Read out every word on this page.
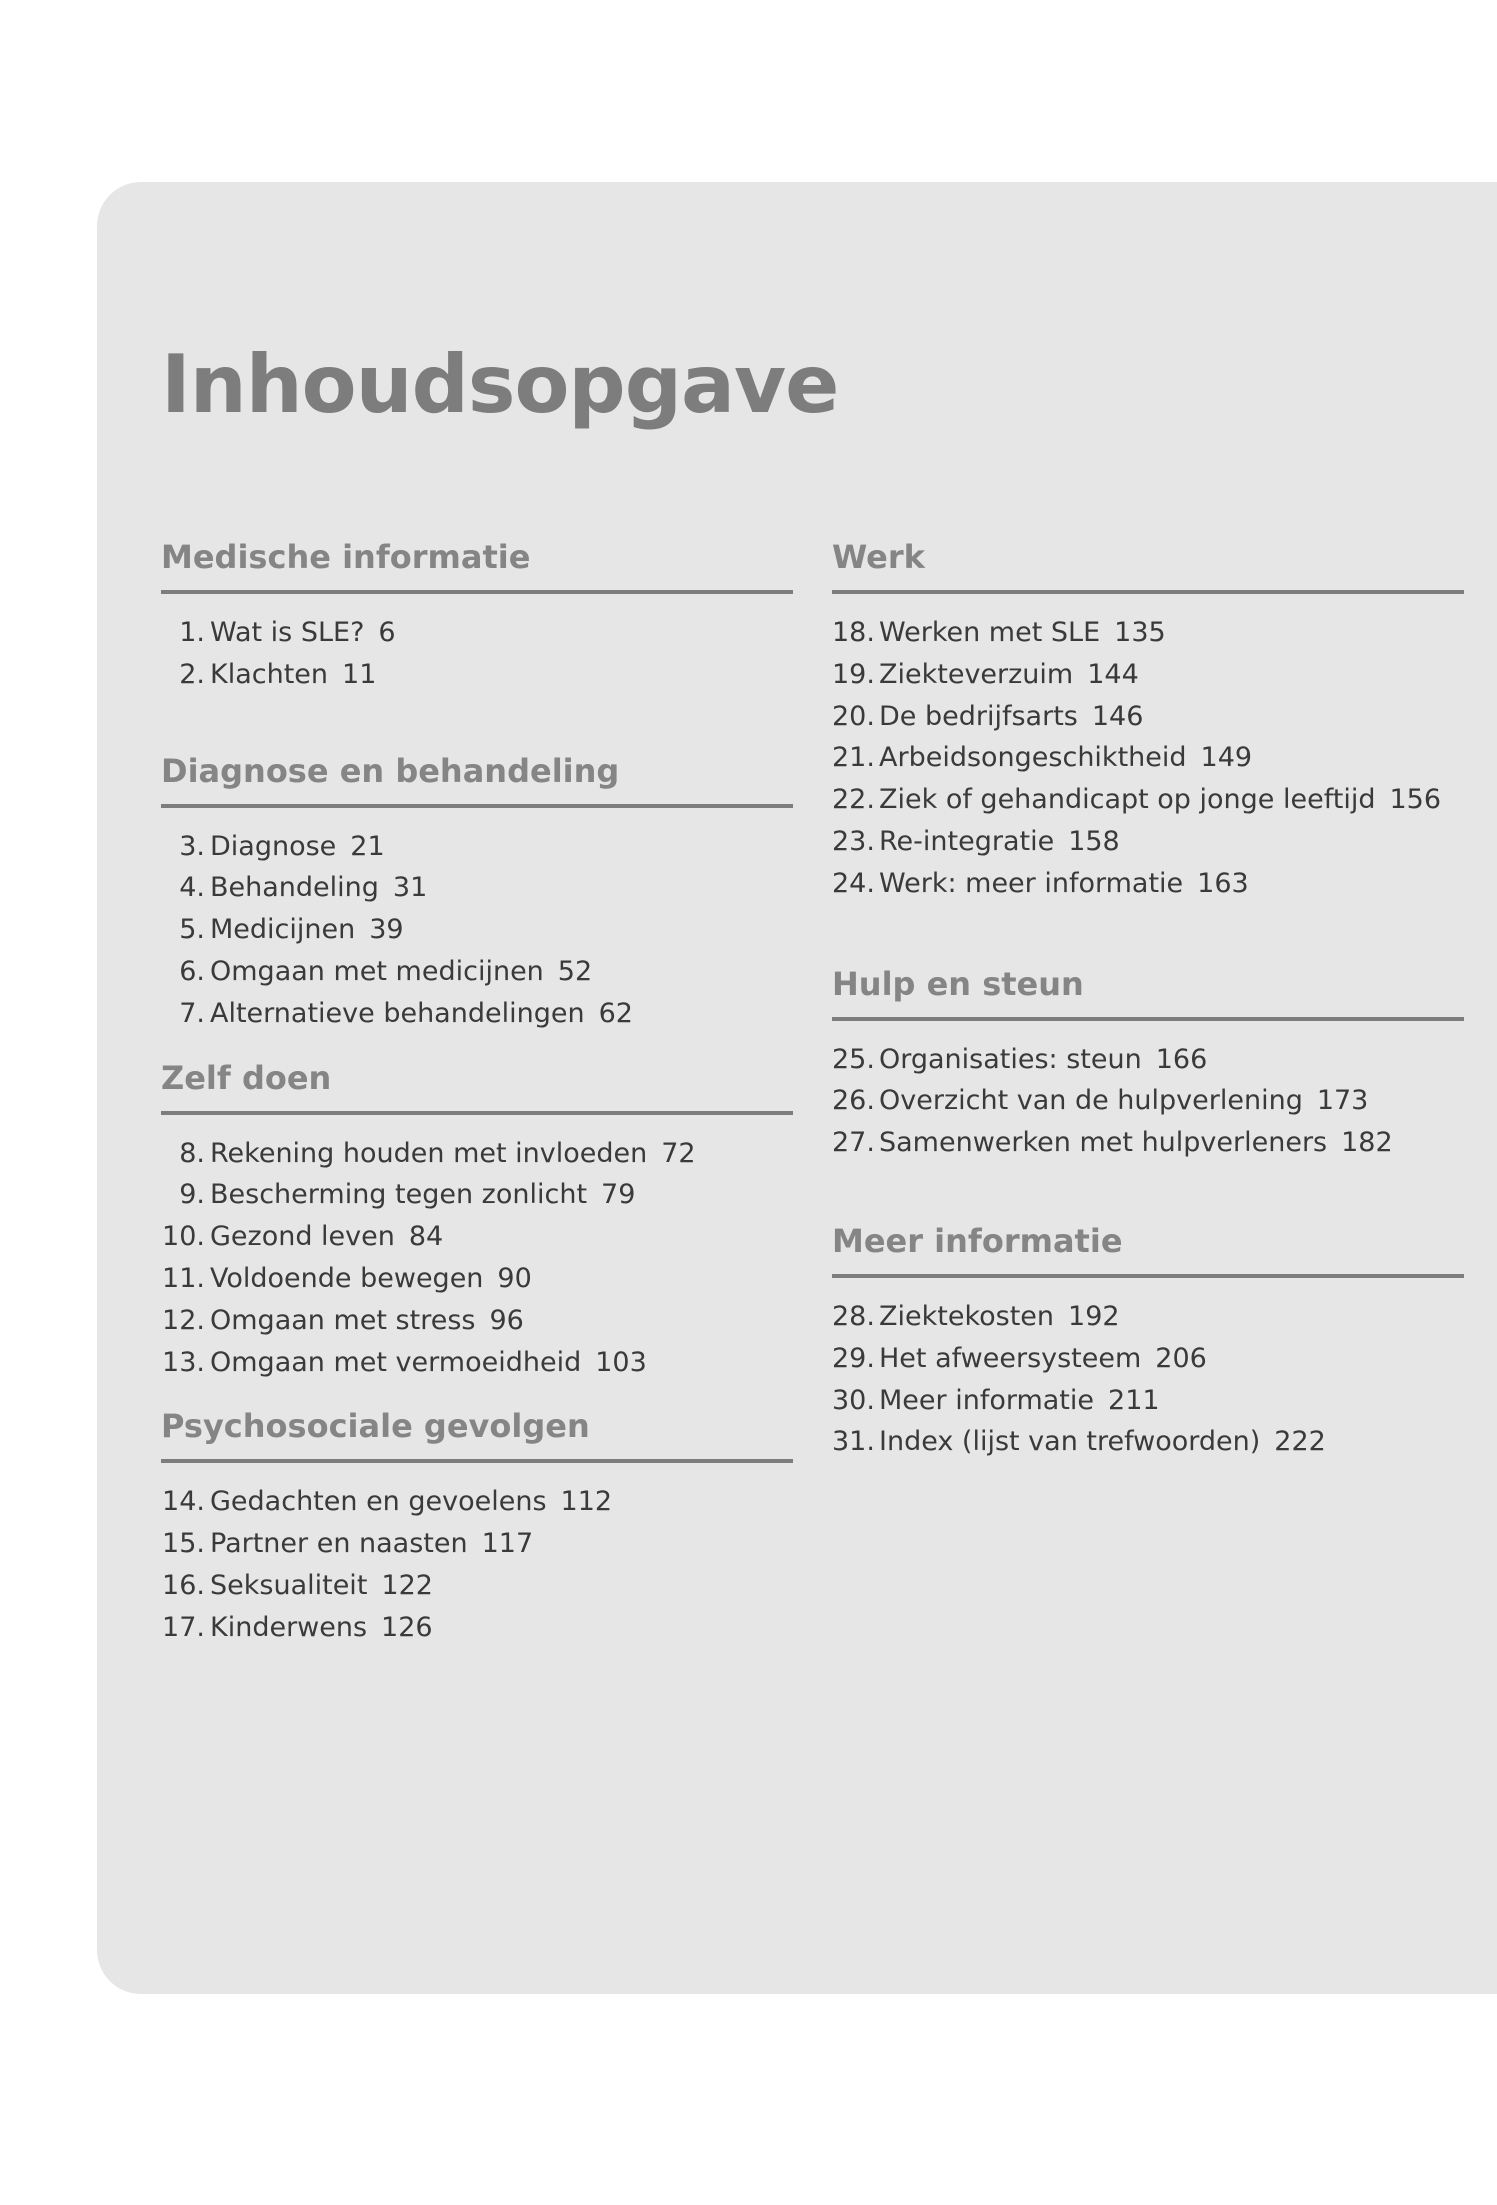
Inhoudsopgave
Medische informatie
1. Wat is SLE? 6
2. Klachten 11
Diagnose en behandeling
3. Diagnose 21
4. Behandeling 31
5. Medicijnen 39
6. Omgaan met medicijnen 52
7. Alternatieve behandelingen 62
Zelf doen
8. Rekening houden met invloeden 72
9. Bescherming tegen zonlicht 79
10. Gezond leven 84
11. Voldoende bewegen 90
12. Omgaan met stress 96
13. Omgaan met vermoeidheid 103
Psychosociale gevolgen
14. Gedachten en gevoelens 112
15. Partner en naasten 117
16. Seksualiteit 122
17. Kinderwens 126
Werk
18. Werken met SLE 135
19. Ziekteverzuim 144
20. De bedrijfsarts 146
21. Arbeidsongeschiktheid 149
22. Ziek of gehandicapt op jonge leeftijd 156
23. Re-integratie 158
24. Werk: meer informatie 163
Hulp en steun
25. Organisaties: steun 166
26. Overzicht van de hulpverlening 173
27. Samenwerken met hulpverleners 182
Meer informatie
28. Ziektekosten 192
29. Het afweersysteem 206
30. Meer informatie 211
31. Index (lijst van trefwoorden) 222
